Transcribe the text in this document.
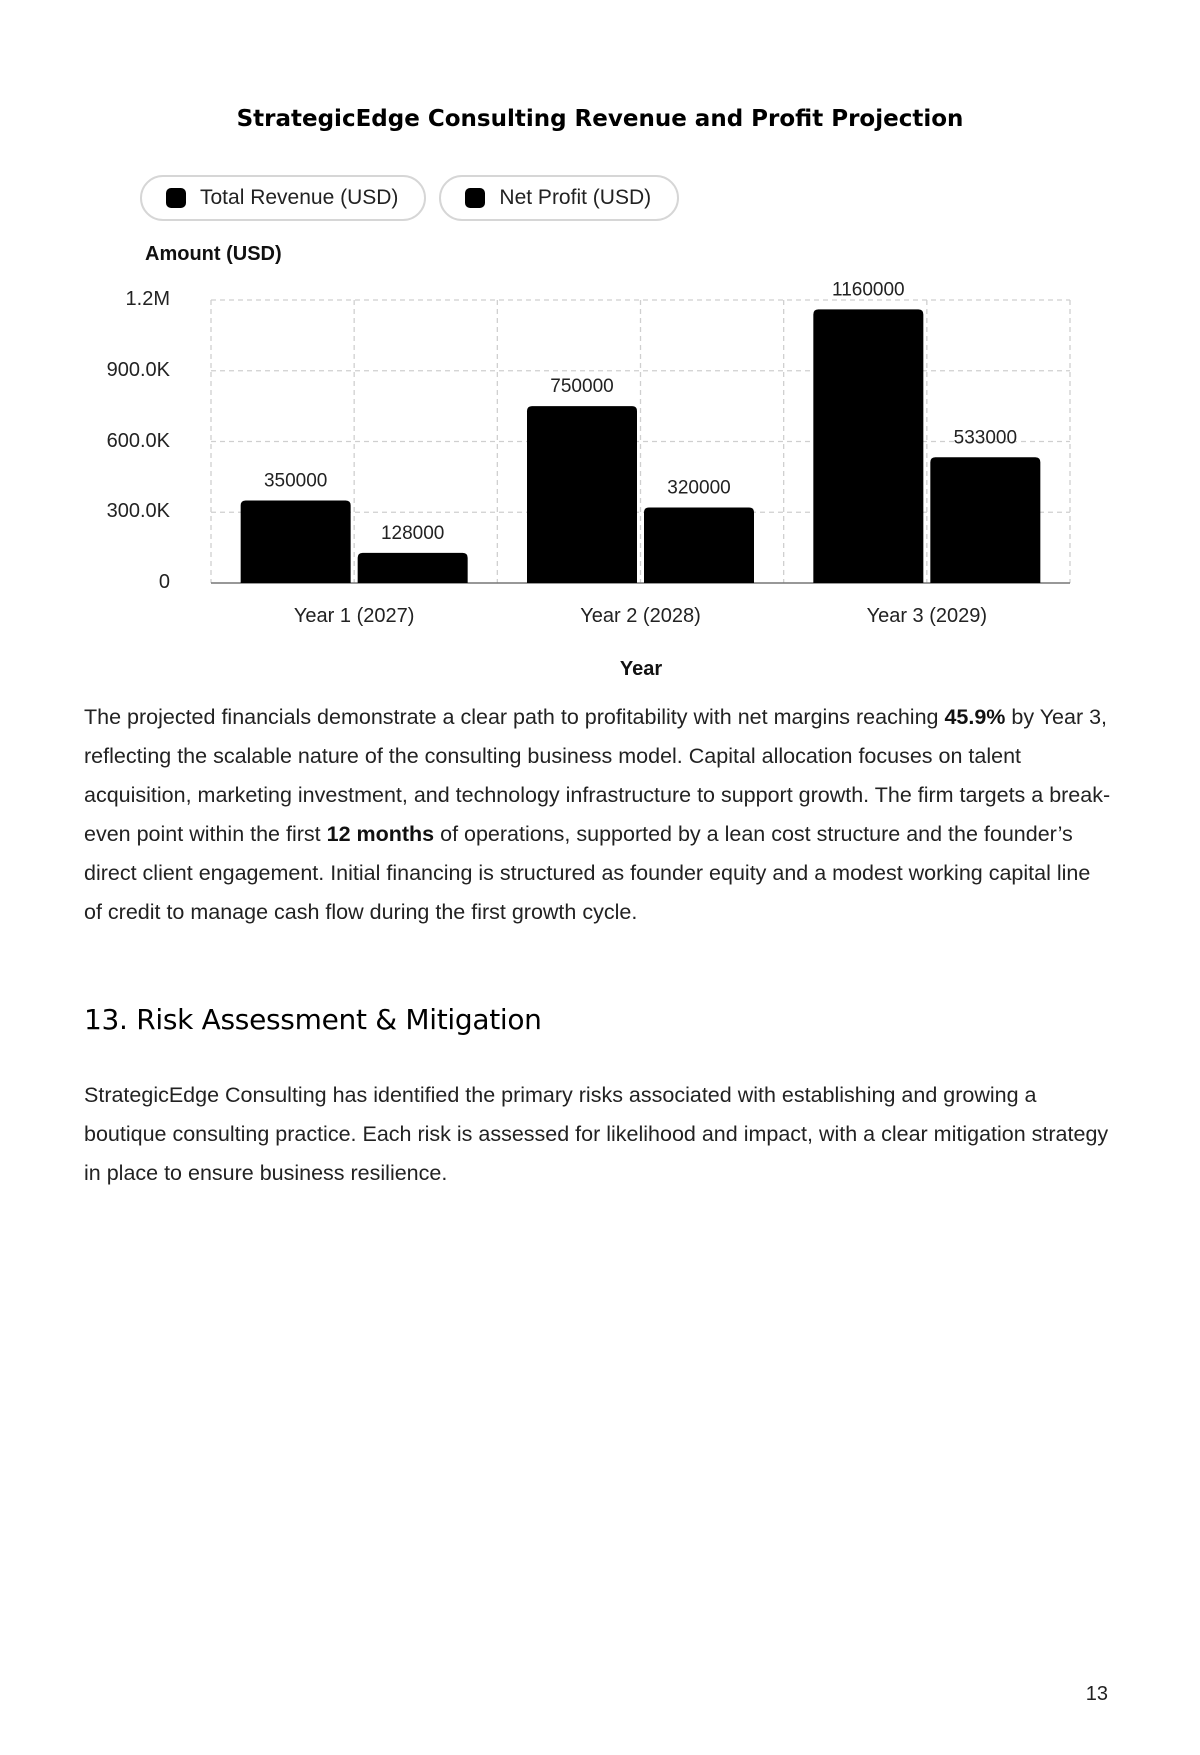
StrategicEdge Consulting Revenue and Profit Projection
Total Revenue (USD)	Net Profit (USD)
Amount (USD)
0
300.0K
600.0K
900.0K
1.2M
Year 1 (2027)	Year 2 (2028)	Year 3 (2029)
350000
128000
750000
320000
1160000
533000
Year

The projected financials demonstrate a clear path to profitability with net margins reaching 45.9% by Year 3, reflecting the scalable nature of the consulting business model. Capital allocation focuses on talent acquisition, marketing investment, and technology infrastructure to support growth. The firm targets a break-even point within the first 12 months of operations, supported by a lean cost structure and the founder’s direct client engagement. Initial financing is structured as founder equity and a modest working capital line of credit to manage cash flow during the first growth cycle.

13. Risk Assessment & Mitigation

StrategicEdge Consulting has identified the primary risks associated with establishing and growing a boutique consulting practice. Each risk is assessed for likelihood and impact, with a clear mitigation strategy in place to ensure business resilience.

13
